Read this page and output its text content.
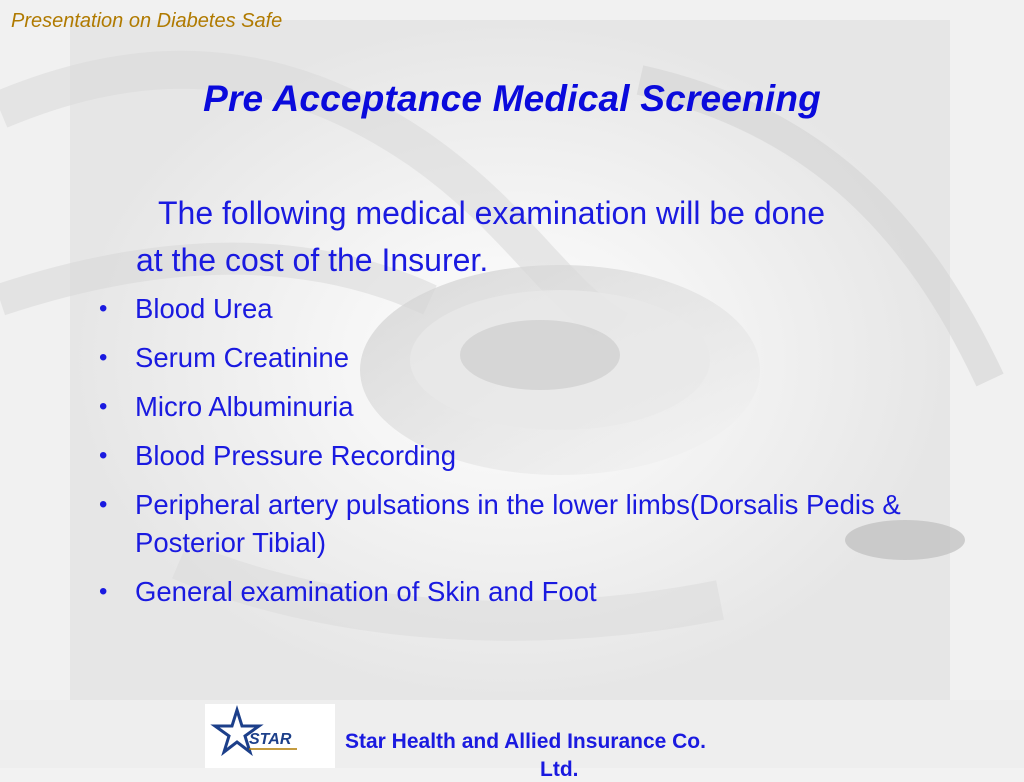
Presentation on Diabetes Safe
Pre Acceptance Medical Screening

The following medical examination will be done
at the cost of the Insurer.

• Blood Urea
• Serum Creatinine
• Micro Albuminuria
• Blood Pressure Recording
• Peripheral artery pulsations in the lower limbs(Dorsalis Pedis & Posterior Tibial)
• General examination of Skin and Foot
STAR	Star Health and Allied Insurance Co.
Ltd.
